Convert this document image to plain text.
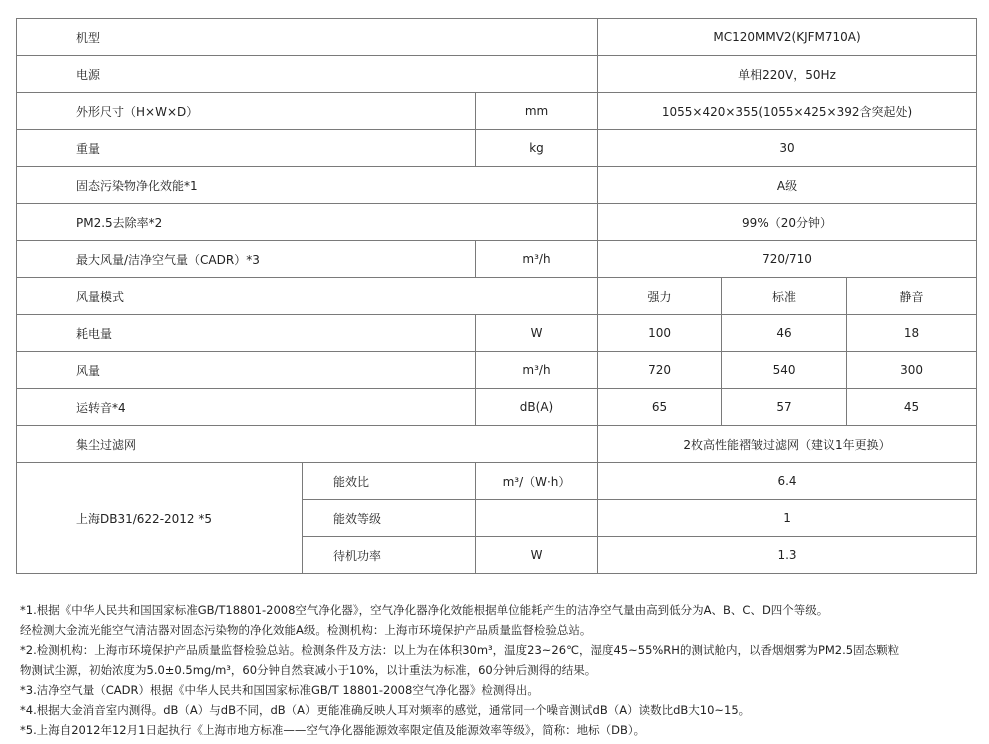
机型			MC120MMV2(KJFM710A)		
电源			单相220V，50Hz		
外形尺寸（H×W×D）		mm	1055×420×355(1055×425×392含突起处)		
重量		kg	30		
固态污染物净化效能*1			A级		
PM2.5去除率*2			99%（20分钟）		
最大风量/洁净空气量（CADR）*3		m³/h	720/710		
风量模式			强力	标准	静音
耗电量		W	100	46	18
风量		m³/h	720	540	300
运转音*4		dB(A)	65	57	45
集尘过滤网			2枚高性能褶皱过滤网（建议1年更换）		
上海DB31/622-2012 *5	能效比	m³/（W·h）	6.4		
	能效等级		1		
	待机功率	W	1.3		

*1.根据《中华人民共和国国家标准GB/T18801-2008空气净化器》，空气净化器净化效能根据单位能耗产生的洁净空气量由高到低分为A、B、C、D四个等级。

经检测大金流光能空气清洁器对固态污染物的净化效能A级。检测机构：上海市环境保护产品质量监督检验总站。

*2.检测机构：上海市环境保护产品质量监督检验总站。检测条件及方法：以上为在体积30m³，温度23~26℃，湿度45~55%RH的测试舱内，以香烟烟雾为PM2.5固态颗粒

物测试尘源，初始浓度为5.0±0.5mg/m³，60分钟自然衰减小于10%，以计重法为标准，60分钟后测得的结果。

*3.洁净空气量（CADR）根据《中华人民共和国国家标准GB/T 18801-2008空气净化器》检测得出。

*4.根据大金消音室内测得。dB（A）与dB不同，dB（A）更能准确反映人耳对频率的感觉，通常同一个噪音测试dB（A）读数比dB大10~15。

*5.上海自2012年12月1日起执行《上海市地方标准——空气净化器能源效率限定值及能源效率等级》，简称：地标（DB）。
